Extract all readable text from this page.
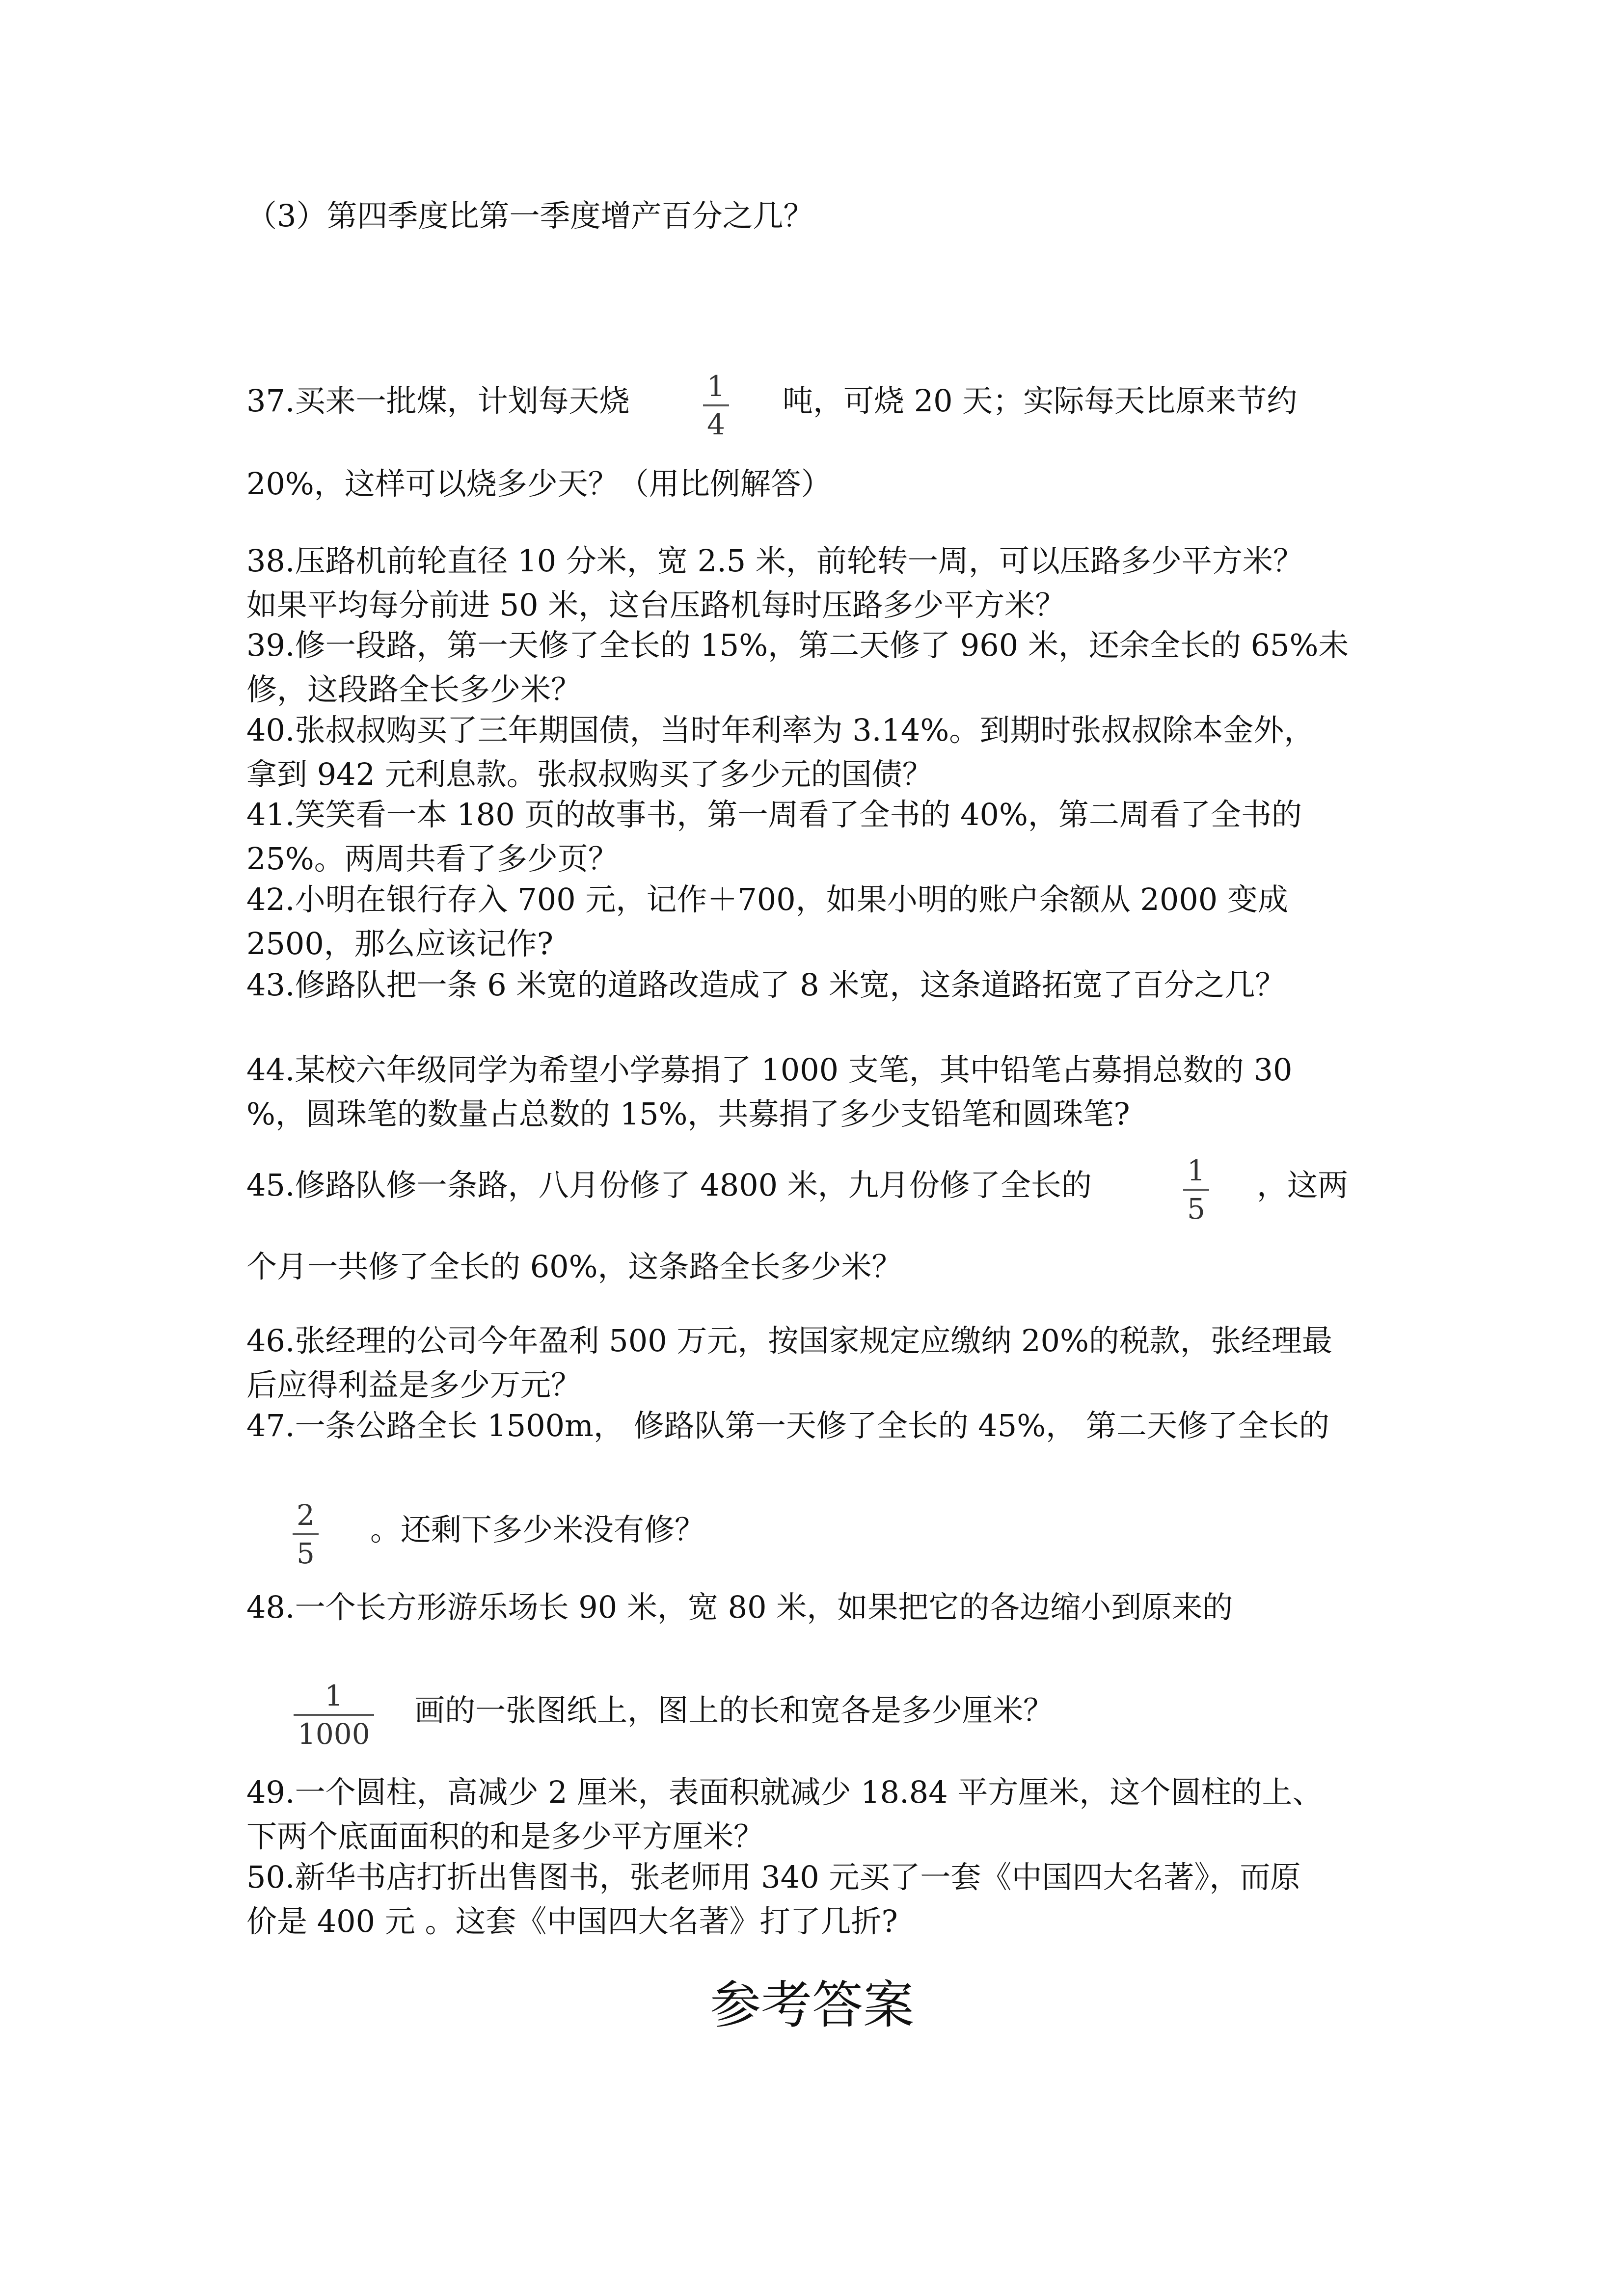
（3）第四季度比第一季度增产百分之几？
37.买来一批煤，计划每天烧	1
4
吨，可烧 20 天；实际每天比原来节约
20%，这样可以烧多少天？（用比例解答）
38.压路机前轮直径 10 分米，宽 2.5 米，前轮转一周，可以压路多少平方米？
如果平均每分前进 50 米，这台压路机每时压路多少平方米？
39.修一段路，第一天修了全长的 15%，第二天修了 960 米，还余全长的 65%未
修，这段路全长多少米？
40.张叔叔购买了三年期国债，当时年利率为 3.14%。到期时张叔叔除本金外，
拿到 942 元利息款。张叔叔购买了多少元的国债？
41.笑笑看一本 180 页的故事书，第一周看了全书的 40%，第二周看了全书的
25%。两周共看了多少页？
42.小明在银行存入 700 元，记作＋700，如果小明的账户余额从 2000 变成
2500，那么应该记作?
43.修路队把一条 6 米宽的道路改造成了 8 米宽，这条道路拓宽了百分之几？
44.某校六年级同学为希望小学募捐了 1000 支笔，其中铅笔占募捐总数的 30
%，圆珠笔的数量占总数的 15%，共募捐了多少支铅笔和圆珠笔?
45.修路队修一条路，八月份修了 4800 米，九月份修了全长的	1
5
，这两
个月一共修了全长的 60%，这条路全长多少米？
46.张经理的公司今年盈利 500 万元，按国家规定应缴纳 20%的税款，张经理最
后应得利益是多少万元？
47.一条公路全长 1500m， 修路队第一天修了全长的 45%， 第二天修了全长的
2
5
。还剩下多少米没有修？
48.一个长方形游乐场长 90 米，宽 80 米，如果把它的各边缩小到原来的
1
1000
画的一张图纸上，图上的长和宽各是多少厘米？
49.一个圆柱，高减少 2 厘米，表面积就减少 18.84 平方厘米，这个圆柱的上、
下两个底面面积的和是多少平方厘米？
50.新华书店打折出售图书，张老师用 340 元买了一套《中国四大名著》，而原
价是 400 元 。这套《中国四大名著》打了几折?
参考答案
